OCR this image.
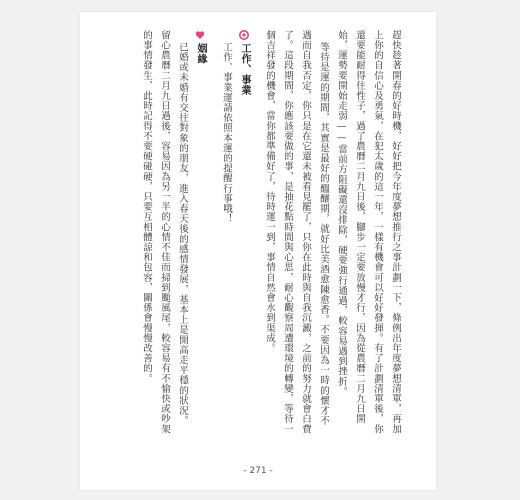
趕快趁著開春的好時機，好好把今年度夢想推行之事計劃一下，條例出年度夢想清單，再加
上你的自信心及勇氣，在犯太歲的這一年，一樣有機會可以好好發揮。有了計劃清單後，你
還要能耐得住性子，過了農曆二月九日後，腳步一定要放慢才行，因為從農曆二月九日開
始，運勢要開始走弱——當前方阻礙還沒排除，硬要強行通過，較容易遇到挫折。
等待是運的期間，其實是最好的醞釀期，就好比美酒愈陳愈香。不要因為一時的懷才不
遇而自我否定，你只是在它還未被看見罷了，只你在此時與自我沉澱，之前的努力就會白費
了。這段期間，你應該要做的事，是抽花點時間與心思，耐心觀察周遭環境的轉變，等待一
個吉祥發的機會，當你都準備好了，待時運一到，事情自然會水到渠成。
工作、事業
工作、事業運請依照本運的提醒行事哦！
姻緣
已婚或未婚有交往對象的朋友，進入春天後的感情發展，基本上是開高走平穩的狀況。
留心農曆二月九日過後，容易因為另一半的心情不佳而掃到颱風尾，較容易有不愉快或吵架
的事情發生，此時記得不要硬碰硬，只要互相體諒和包容，關係會慢慢改善的。
- 271 -
